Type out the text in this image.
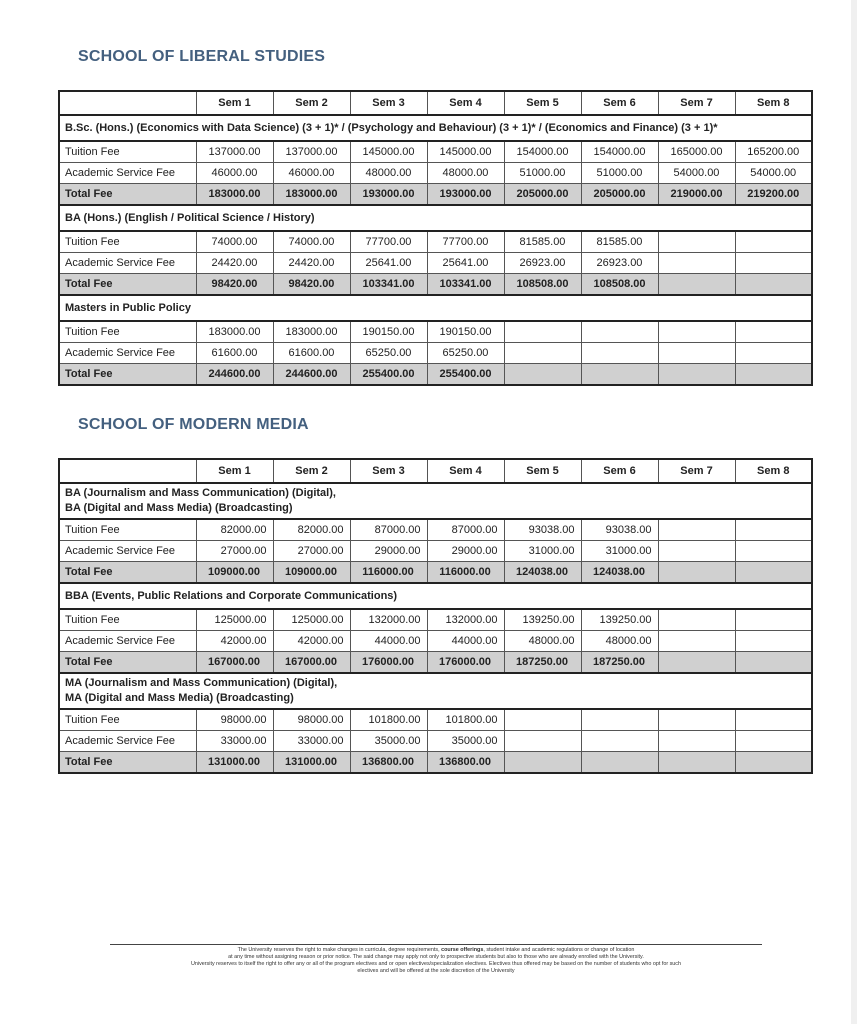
SCHOOL OF LIBERAL STUDIES
	Sem 1	Sem 2	Sem 3	Sem 4	Sem 5	Sem 6	Sem 7	Sem 8
B.Sc. (Hons.) (Economics with Data Science) (3 + 1)* / (Psychology and Behaviour) (3 + 1)* / (Economics and Finance) (3 + 1)*								
Tuition Fee	137000.00	137000.00	145000.00	145000.00	154000.00	154000.00	165000.00	165200.00
Academic Service Fee	46000.00	46000.00	48000.00	48000.00	51000.00	51000.00	54000.00	54000.00
Total Fee	183000.00	183000.00	193000.00	193000.00	205000.00	205000.00	219000.00	219200.00
BA (Hons.) (English / Political Science / History)								
Tuition Fee	74000.00	74000.00	77700.00	77700.00	81585.00	81585.00		
Academic Service Fee	24420.00	24420.00	25641.00	25641.00	26923.00	26923.00		
Total Fee	98420.00	98420.00	103341.00	103341.00	108508.00	108508.00		
Masters in Public Policy								
Tuition Fee	183000.00	183000.00	190150.00	190150.00				
Academic Service Fee	61600.00	61600.00	65250.00	65250.00				
Total Fee	244600.00	244600.00	255400.00	255400.00				
SCHOOL OF MODERN MEDIA
	Sem 1	Sem 2	Sem 3	Sem 4	Sem 5	Sem 6	Sem 7	Sem 8

BA (Journalism and Mass Communication) (Digital),
BA (Digital and Mass Media) (Broadcasting)								

Tuition Fee	82000.00	82000.00	87000.00	87000.00	93038.00	93038.00		
Academic Service Fee	27000.00	27000.00	29000.00	29000.00	31000.00	31000.00		
Total Fee	109000.00	109000.00	116000.00	116000.00	124038.00	124038.00		
BBA (Events, Public Relations and Corporate Communications)								
Tuition Fee	125000.00	125000.00	132000.00	132000.00	139250.00	139250.00		
Academic Service Fee	42000.00	42000.00	44000.00	44000.00	48000.00	48000.00		
Total Fee	167000.00	167000.00	176000.00	176000.00	187250.00	187250.00		

MA (Journalism and Mass Communication) (Digital),
MA (Digital and Mass Media) (Broadcasting)								

Tuition Fee	98000.00	98000.00	101800.00	101800.00				
Academic Service Fee	33000.00	33000.00	35000.00	35000.00				
Total Fee	131000.00	131000.00	136800.00	136800.00				
The University reserves the right to make changes in curricula, degree requirements, course offerings, student intake and academic regulations or change of location
at any time without assigning reason or prior notice. The said change may apply not only to prospective students but also to those who are already enrolled with the University.
University reserves to itself the right to offer any or all of the program electives and or open electives/specialization electives. Electives thus offered may be based on the number of students who opt for such
electives and will be offered at the sole discretion of the University
